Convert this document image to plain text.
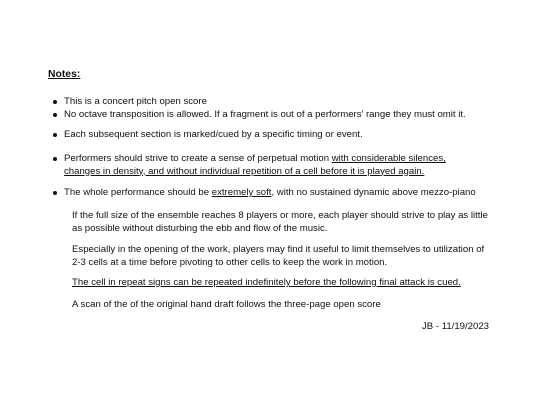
Notes:

This is a concert pitch open score
No octave transposition is allowed. If a fragment is out of a performers’ range they must omit it.
Each subsequent section is marked/cued by a specific timing or event.
Performers should strive to create a sense of perpetual motion with considerable silences,
changes in density, and without individual repetition of a cell before it is played again.
The whole performance should be extremely soft, with no sustained dynamic above mezzo-piano

If the full size of the ensemble reaches 8 players or more, each player should strive to play as little
as possible without disturbing the ebb and flow of the music.

Especially in the opening of the work, players may find it useful to limit themselves to utilization of
2-3 cells at a time before pivoting to other cells to keep the work in motion.

The cell in repeat signs can be repeated indefinitely before the following final attack is cued.

A scan of the of the original hand draft follows the three-page open score

JB - 11/19/2023
